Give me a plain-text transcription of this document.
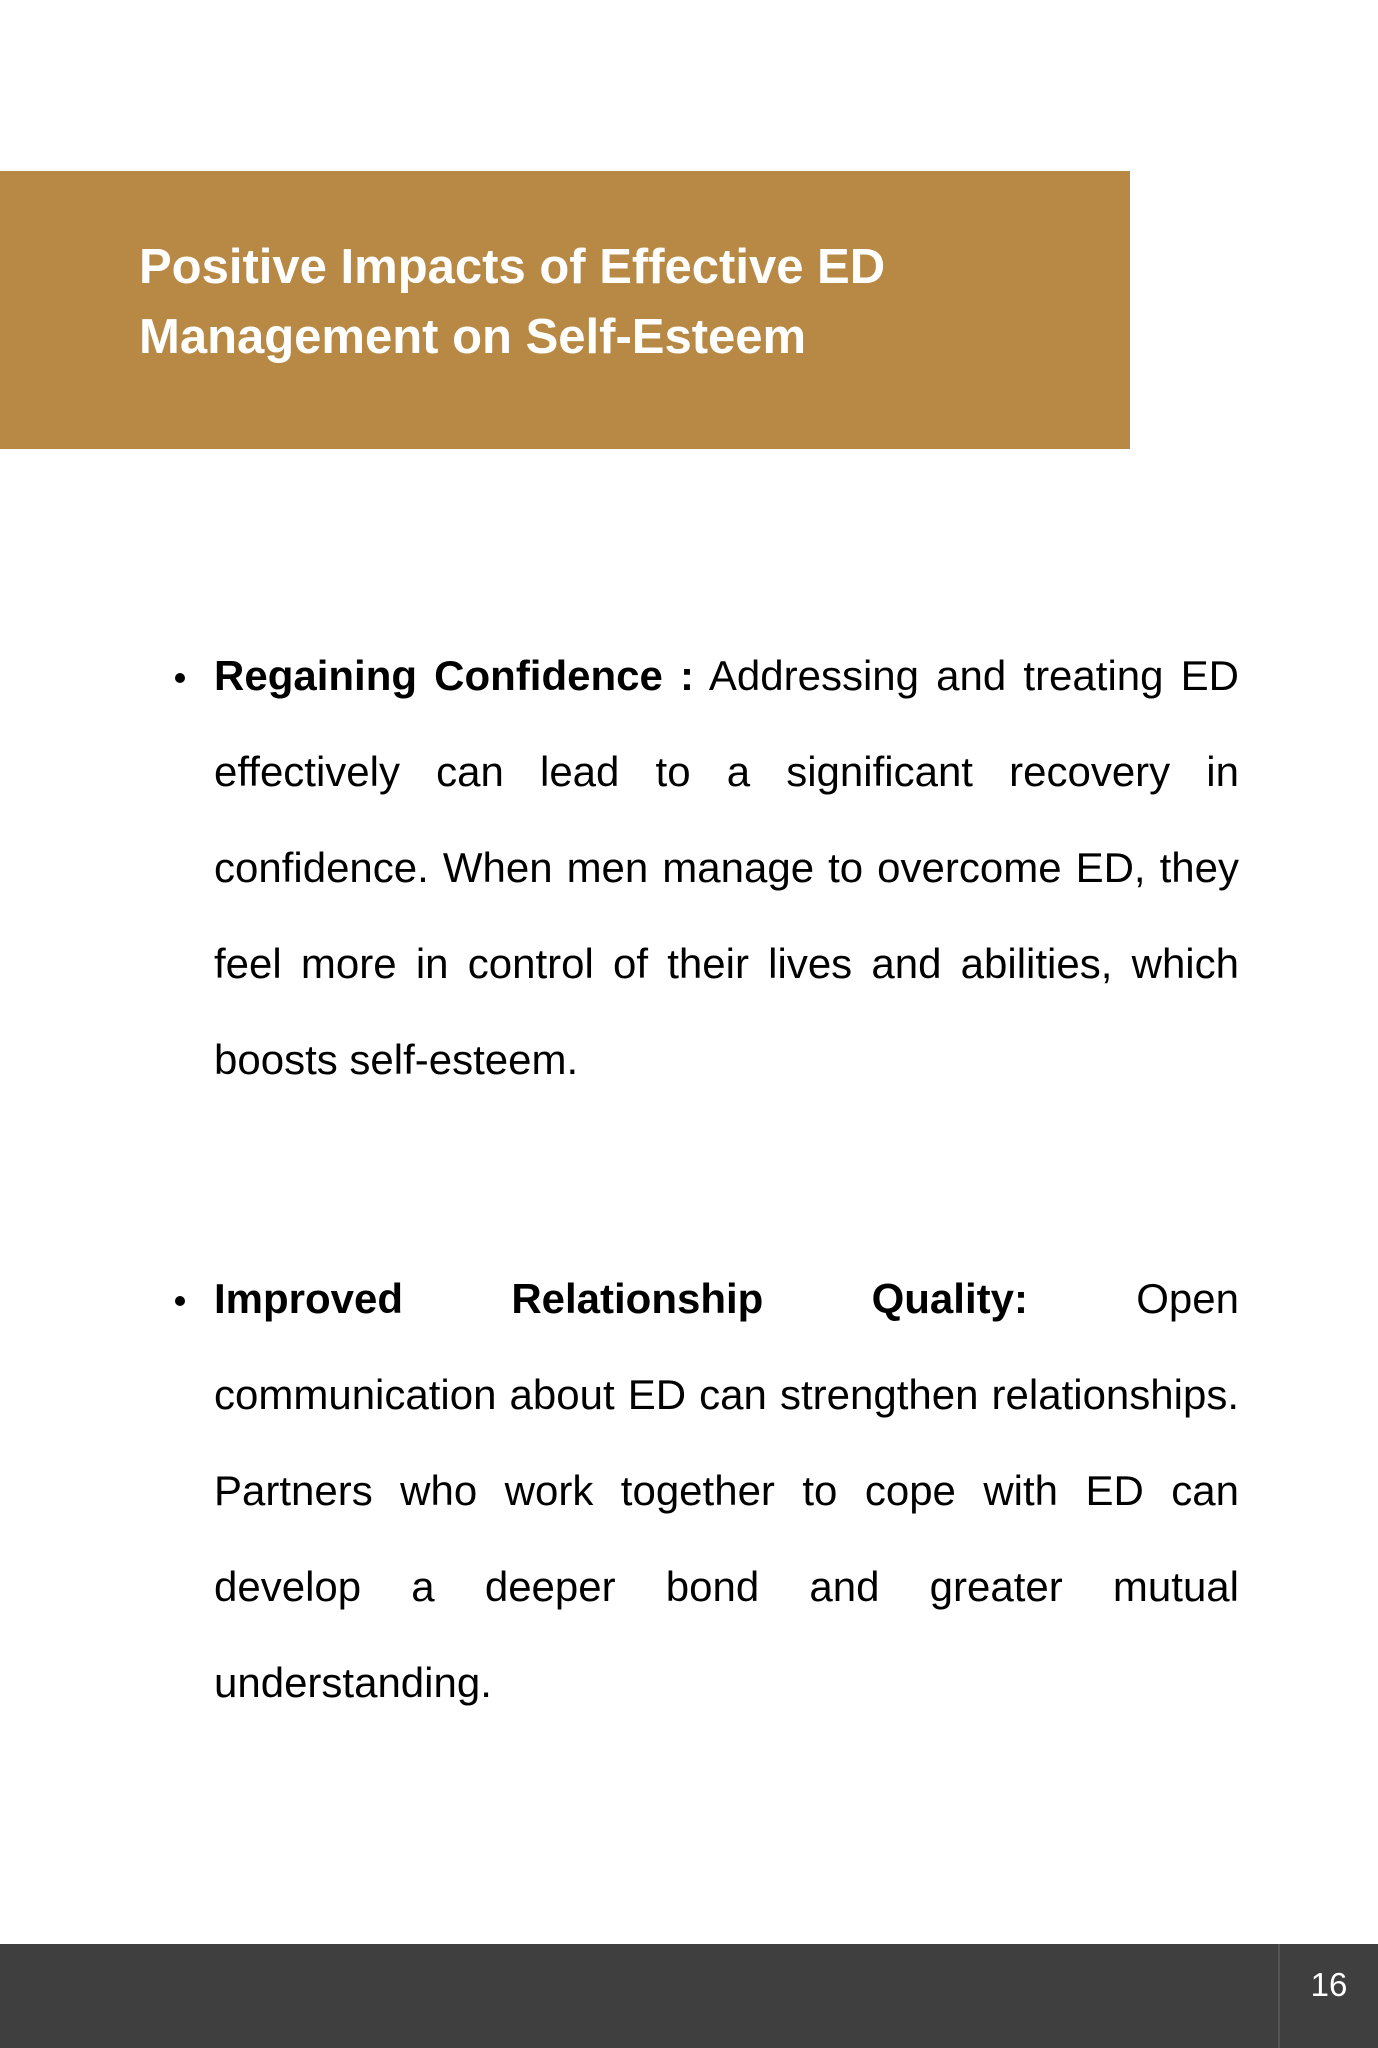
Positive Impacts of Effective ED
Management on Self-Esteem
Regaining Confidence : Addressing and treating ED effectively can lead to a significant recovery in confidence. When men manage to overcome ED, they feel more in control of their lives and abilities, which boosts self-esteem.
Improved Relationship Quality:	Open communication about ED can strengthen relationships. Partners who work together to cope with ED can develop a deeper bond and greater mutual understanding.
16
